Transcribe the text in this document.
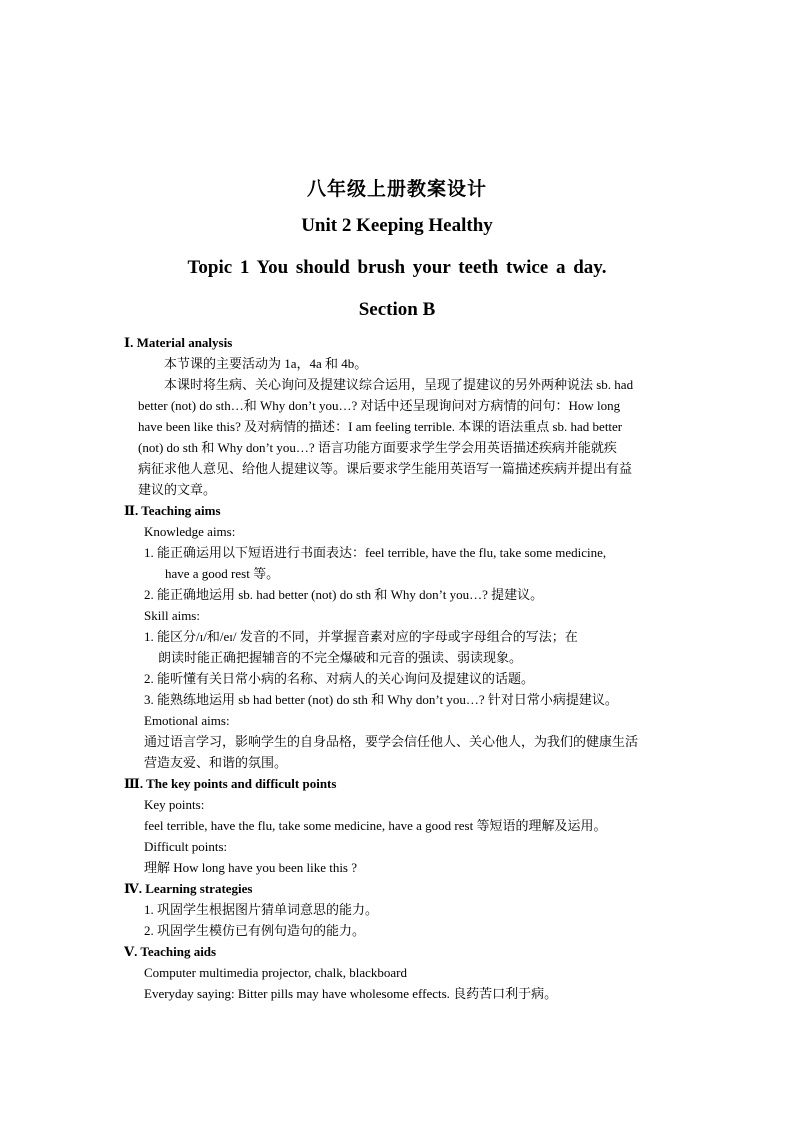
八年级上册教案设计
Unit 2 Keeping Healthy
Topic 1 You should brush your teeth twice a day.
Section B
Ⅰ. Material analysis
本节课的主要活动为 1a，4a 和 4b。
本课时将生病、关心询问及提建议综合运用，呈现了提建议的另外两种说法 sb. had
better (not) do sth…和 Why don’t you…? 对话中还呈现询问对方病情的问句：How long
have been like this? 及对病情的描述：I am feeling terrible. 本课的语法重点 sb. had better
(not) do sth 和 Why don’t you…? 语言功能方面要求学生学会用英语描述疾病并能就疾
病征求他人意见、给他人提建议等。课后要求学生能用英语写一篇描述疾病并提出有益
建议的文章。
Ⅱ. Teaching aims
Knowledge aims:
1. 能正确运用以下短语进行书面表达：feel terrible, have the flu, take some medicine,
have a good rest 等。
2. 能正确地运用 sb. had better (not) do sth 和 Why don’t you…? 提建议。
Skill aims:
1. 能区分/ɪ/和/eɪ/ 发音的不同，并掌握音素对应的字母或字母组合的写法；在
朗读时能正确把握辅音的不完全爆破和元音的强读、弱读现象。
2. 能听懂有关日常小病的名称、对病人的关心询问及提建议的话题。
3. 能熟练地运用 sb had better (not) do sth 和 Why don’t you…? 针对日常小病提建议。
Emotional aims:
通过语言学习，影响学生的自身品格，要学会信任他人、关心他人，为我们的健康生活
营造友爱、和谐的氛围。
Ⅲ. The key points and difficult points
Key points:
feel terrible, have the flu, take some medicine, have a good rest 等短语的理解及运用。
Difficult points:
理解 How long have you been like this ?
Ⅳ. Learning strategies
1. 巩固学生根据图片猜单词意思的能力。
2. 巩固学生模仿已有例句造句的能力。
Ⅴ. Teaching aids
Computer multimedia projector, chalk, blackboard
Everyday saying: Bitter pills may have wholesome effects. 良药苦口利于病。
